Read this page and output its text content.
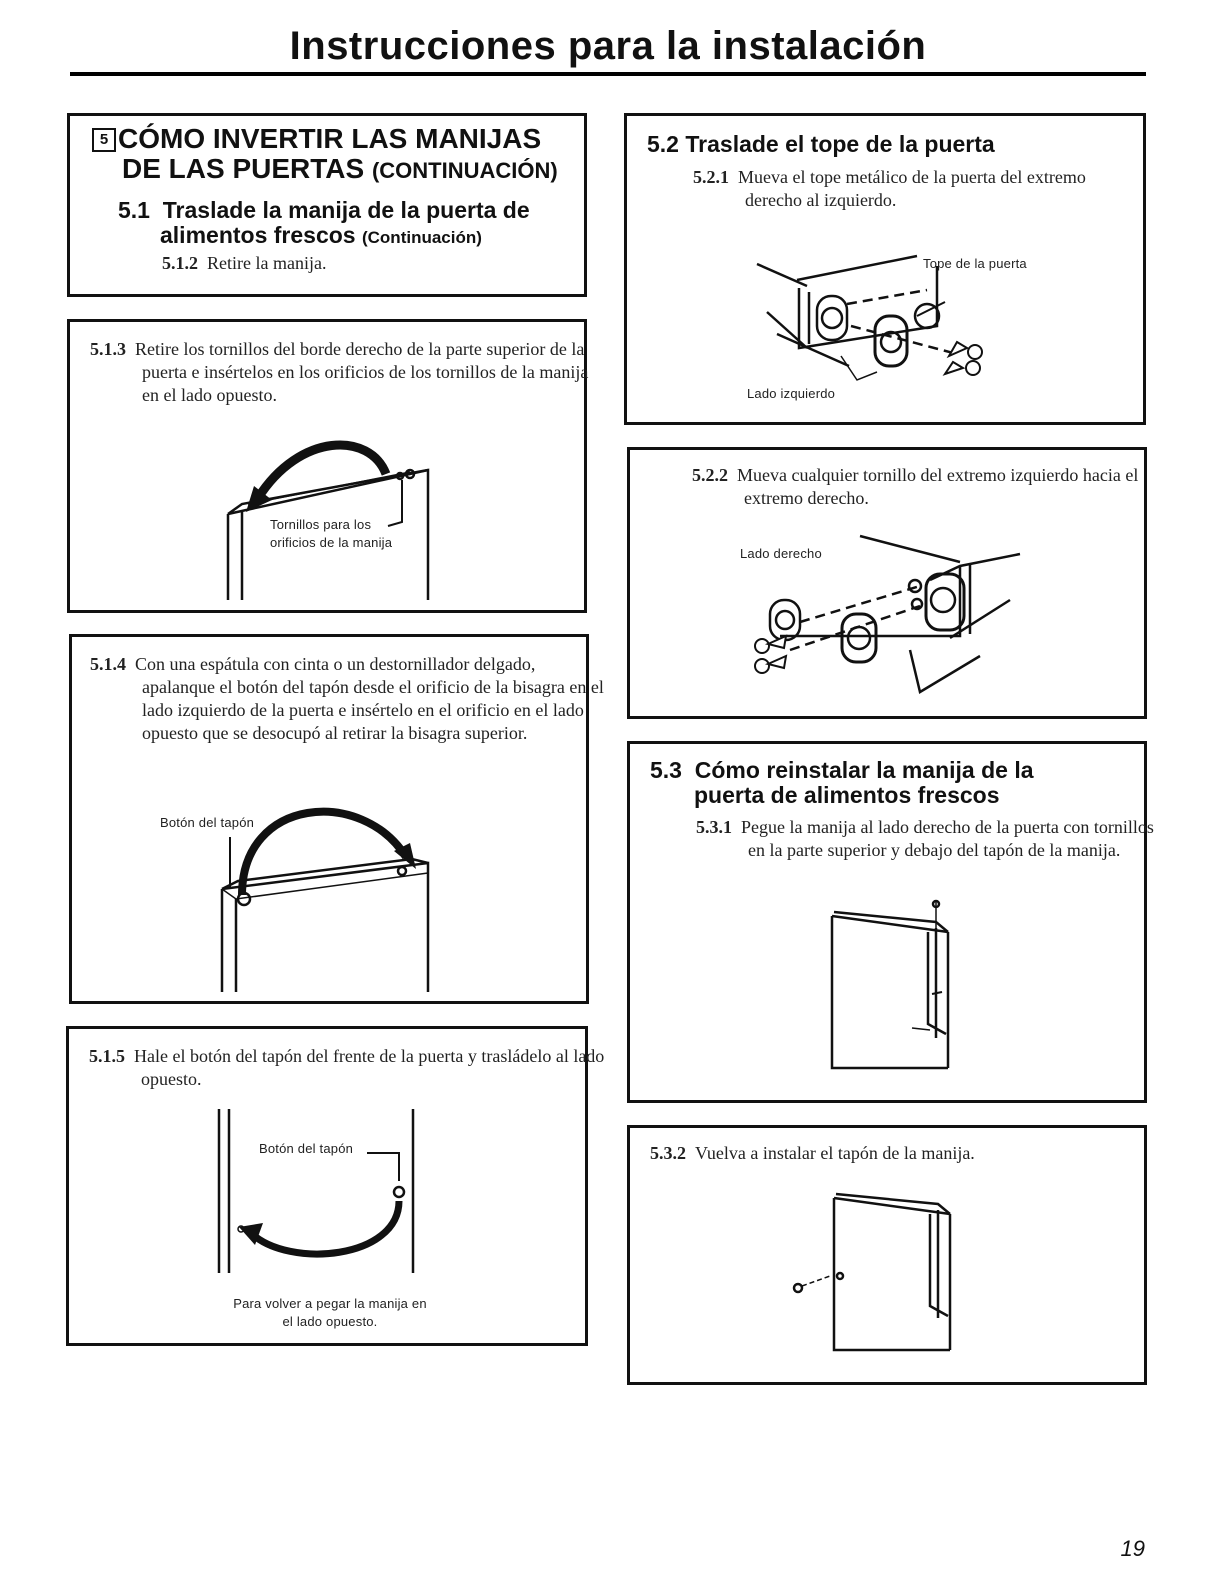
Instrucciones para la instalación
5 CÓMO INVERTIR LAS MANIJAS
DE LAS PUERTAS (CONTINUACIÓN)
5.1 Traslade la manija de la puerta de
alimentos frescos (Continuación)
5.1.2 Retire la manija.
5.1.3 Retire los tornillos del borde derecho de la parte superior de la puerta e insértelos en los orificios de los tornillos de la manija en el lado opuesto.
Tornillos para los
orificios de la manija
5.1.4 Con una espátula con cinta o un destornillador delgado, apalanque el botón del tapón desde el orificio de la bisagra en el lado izquierdo de la puerta e insértelo en el orificio en el lado opuesto que se desocupó al retirar la bisagra superior.
Botón del tapón
5.1.5 Hale el botón del tapón del frente de la puerta y trasládelo al lado opuesto.
Botón del tapón
Para volver a pegar la manija en
el lado opuesto.
5.2 Traslade el tope de la puerta
5.2.1 Mueva el tope metálico de la puerta del extremo derecho al izquierdo.
Tope de la puerta
Lado izquierdo
5.2.2 Mueva cualquier tornillo del extremo izquierdo hacia el extremo derecho.
Lado derecho
5.3 Cómo reinstalar la manija de la
puerta de alimentos frescos
5.3.1 Pegue la manija al lado derecho de la puerta con tornillos en la parte superior y debajo del tapón de la manija.
5.3.2 Vuelva a instalar el tapón de la manija.
19
